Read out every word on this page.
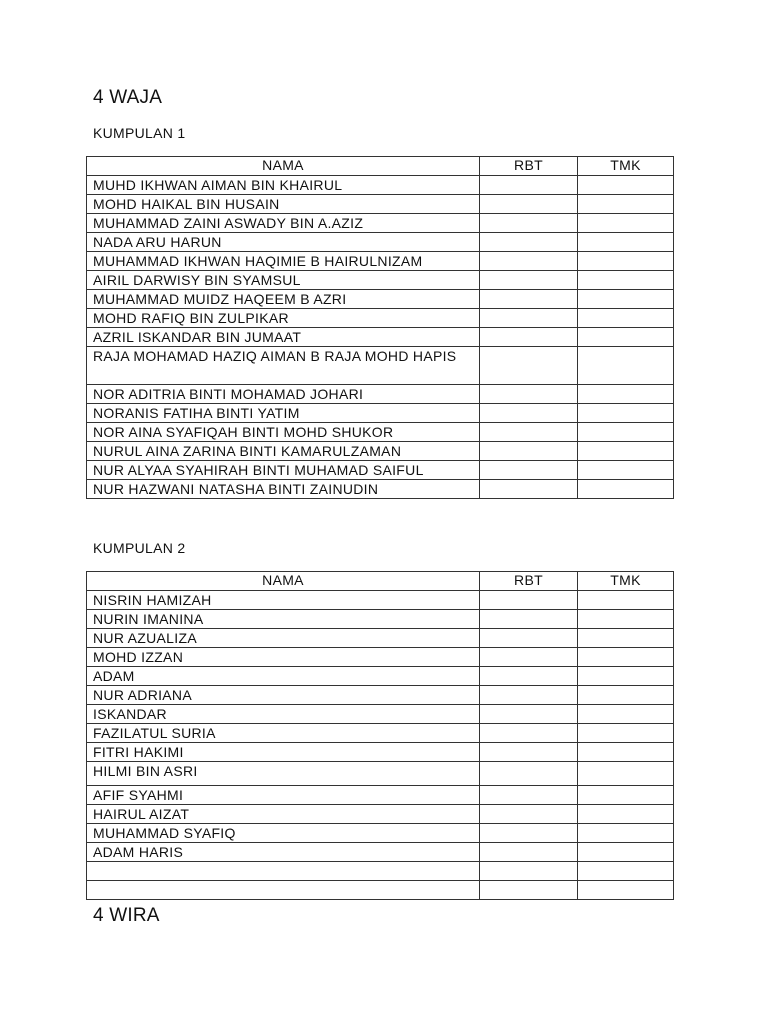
4 WAJA
KUMPULAN 1
NAMA	RBT	TMK
MUHD IKHWAN AIMAN BIN KHAIRUL		
MOHD HAIKAL BIN HUSAIN		
MUHAMMAD ZAINI ASWADY BIN A.AZIZ		
NADA ARU HARUN		
MUHAMMAD IKHWAN HAQIMIE B HAIRULNIZAM		
AIRIL DARWISY BIN SYAMSUL		
MUHAMMAD MUIDZ HAQEEM B AZRI		
MOHD RAFIQ BIN ZULPIKAR		
AZRIL ISKANDAR BIN JUMAAT		
RAJA MOHAMAD HAZIQ AIMAN B RAJA MOHD HAPIS		
NOR ADITRIA BINTI MOHAMAD JOHARI		
NORANIS FATIHA BINTI YATIM		
NOR AINA SYAFIQAH BINTI MOHD SHUKOR		
NURUL AINA ZARINA BINTI KAMARULZAMAN		
NUR ALYAA SYAHIRAH BINTI MUHAMAD SAIFUL		
NUR HAZWANI NATASHA BINTI ZAINUDIN		
KUMPULAN 2
NAMA	RBT	TMK
NISRIN HAMIZAH		
NURIN IMANINA		
NUR AZUALIZA		
MOHD IZZAN		
ADAM		
NUR ADRIANA		
ISKANDAR		
FAZILATUL SURIA		
FITRI HAKIMI		
HILMI BIN ASRI		
AFIF SYAHMI		
HAIRUL AIZAT		
MUHAMMAD SYAFIQ		
ADAM HARIS		

4 WIRA
